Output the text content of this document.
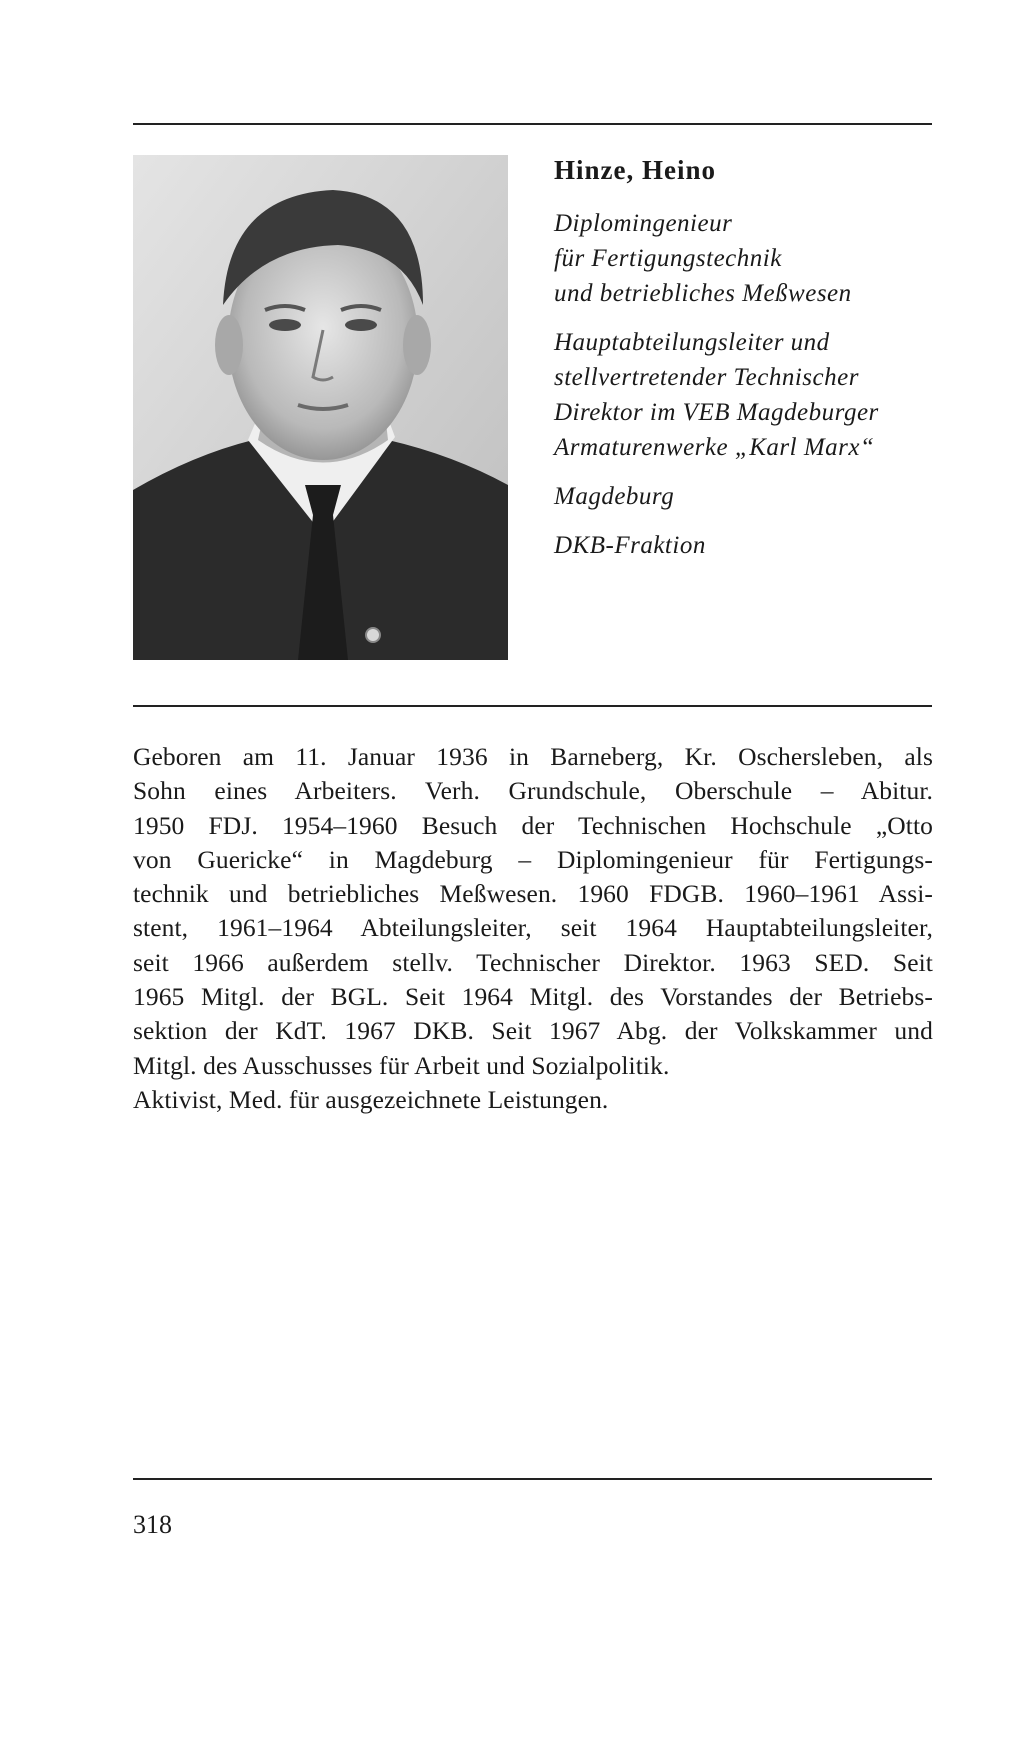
Hinze, Heino
Diplomingenieur
für Fertigungstechnik
und betriebliches Meßwesen
Hauptabteilungsleiter und
stellvertretender Technischer
Direktor im VEB Magdeburger
Armaturenwerke „Karl Marx“
Magdeburg
DKB-Fraktion
Geboren am 11. Januar 1936 in Barneberg, Kr. Oschersleben, als
Sohn eines Arbeiters. Verh. Grundschule, Oberschule – Abitur.
1950 FDJ. 1954–1960 Besuch der Technischen Hochschule „Otto
von Guericke“ in Magdeburg – Diplomingenieur für Fertigungs-
technik und betriebliches Meßwesen. 1960 FDGB. 1960–1961 Assi-
stent, 1961–1964 Abteilungsleiter, seit 1964 Hauptabteilungsleiter,
seit 1966 außerdem stellv. Technischer Direktor. 1963 SED. Seit
1965 Mitgl. der BGL. Seit 1964 Mitgl. des Vorstandes der Betriebs-
sektion der KdT. 1967 DKB. Seit 1967 Abg. der Volkskammer und
Mitgl. des Ausschusses für Arbeit und Sozialpolitik.
Aktivist, Med. für ausgezeichnete Leistungen.
318
